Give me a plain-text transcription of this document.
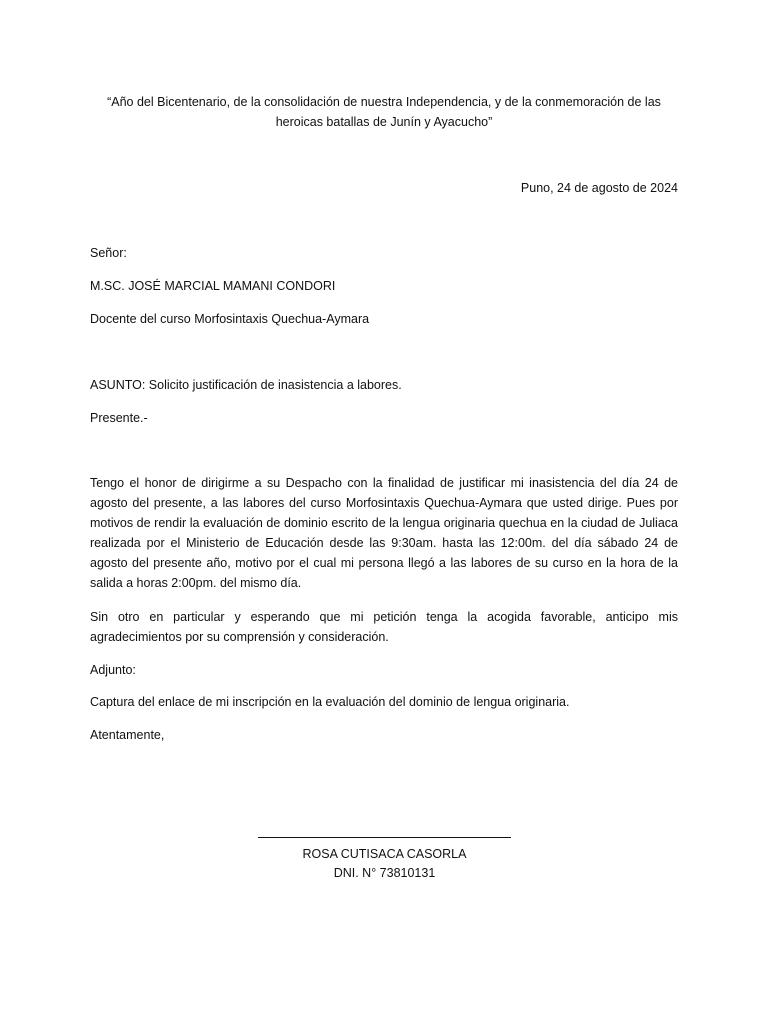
“Año del Bicentenario, de la consolidación de nuestra Independencia, y de la conmemoración de las heroicas batallas de Junín y Ayacucho”
Puno, 24 de agosto de 2024
Señor:
M.SC. JOSÉ MARCIAL MAMANI CONDORI
Docente del curso Morfosintaxis Quechua-Aymara
ASUNTO: Solicito justificación de inasistencia a labores.
Presente.-
Tengo el honor de dirigirme a su Despacho con la finalidad de justificar mi inasistencia del día 24 de agosto del presente, a las labores del curso Morfosintaxis Quechua-Aymara que usted dirige. Pues por motivos de rendir la evaluación de dominio escrito de la lengua originaria quechua en la ciudad de Juliaca realizada por el Ministerio de Educación desde las 9:30am. hasta las 12:00m. del día sábado 24 de agosto del presente año, motivo por el cual mi persona llegó a las labores de su curso en la hora de la salida a horas 2:00pm. del mismo día.
Sin otro en particular y esperando que mi petición tenga la acogida favorable, anticipo mis agradecimientos por su comprensión y consideración.
Adjunto:
Captura del enlace de mi inscripción en la evaluación del dominio de lengua originaria.
Atentamente,
ROSA CUTISACA CASORLA
DNI. N° 73810131
